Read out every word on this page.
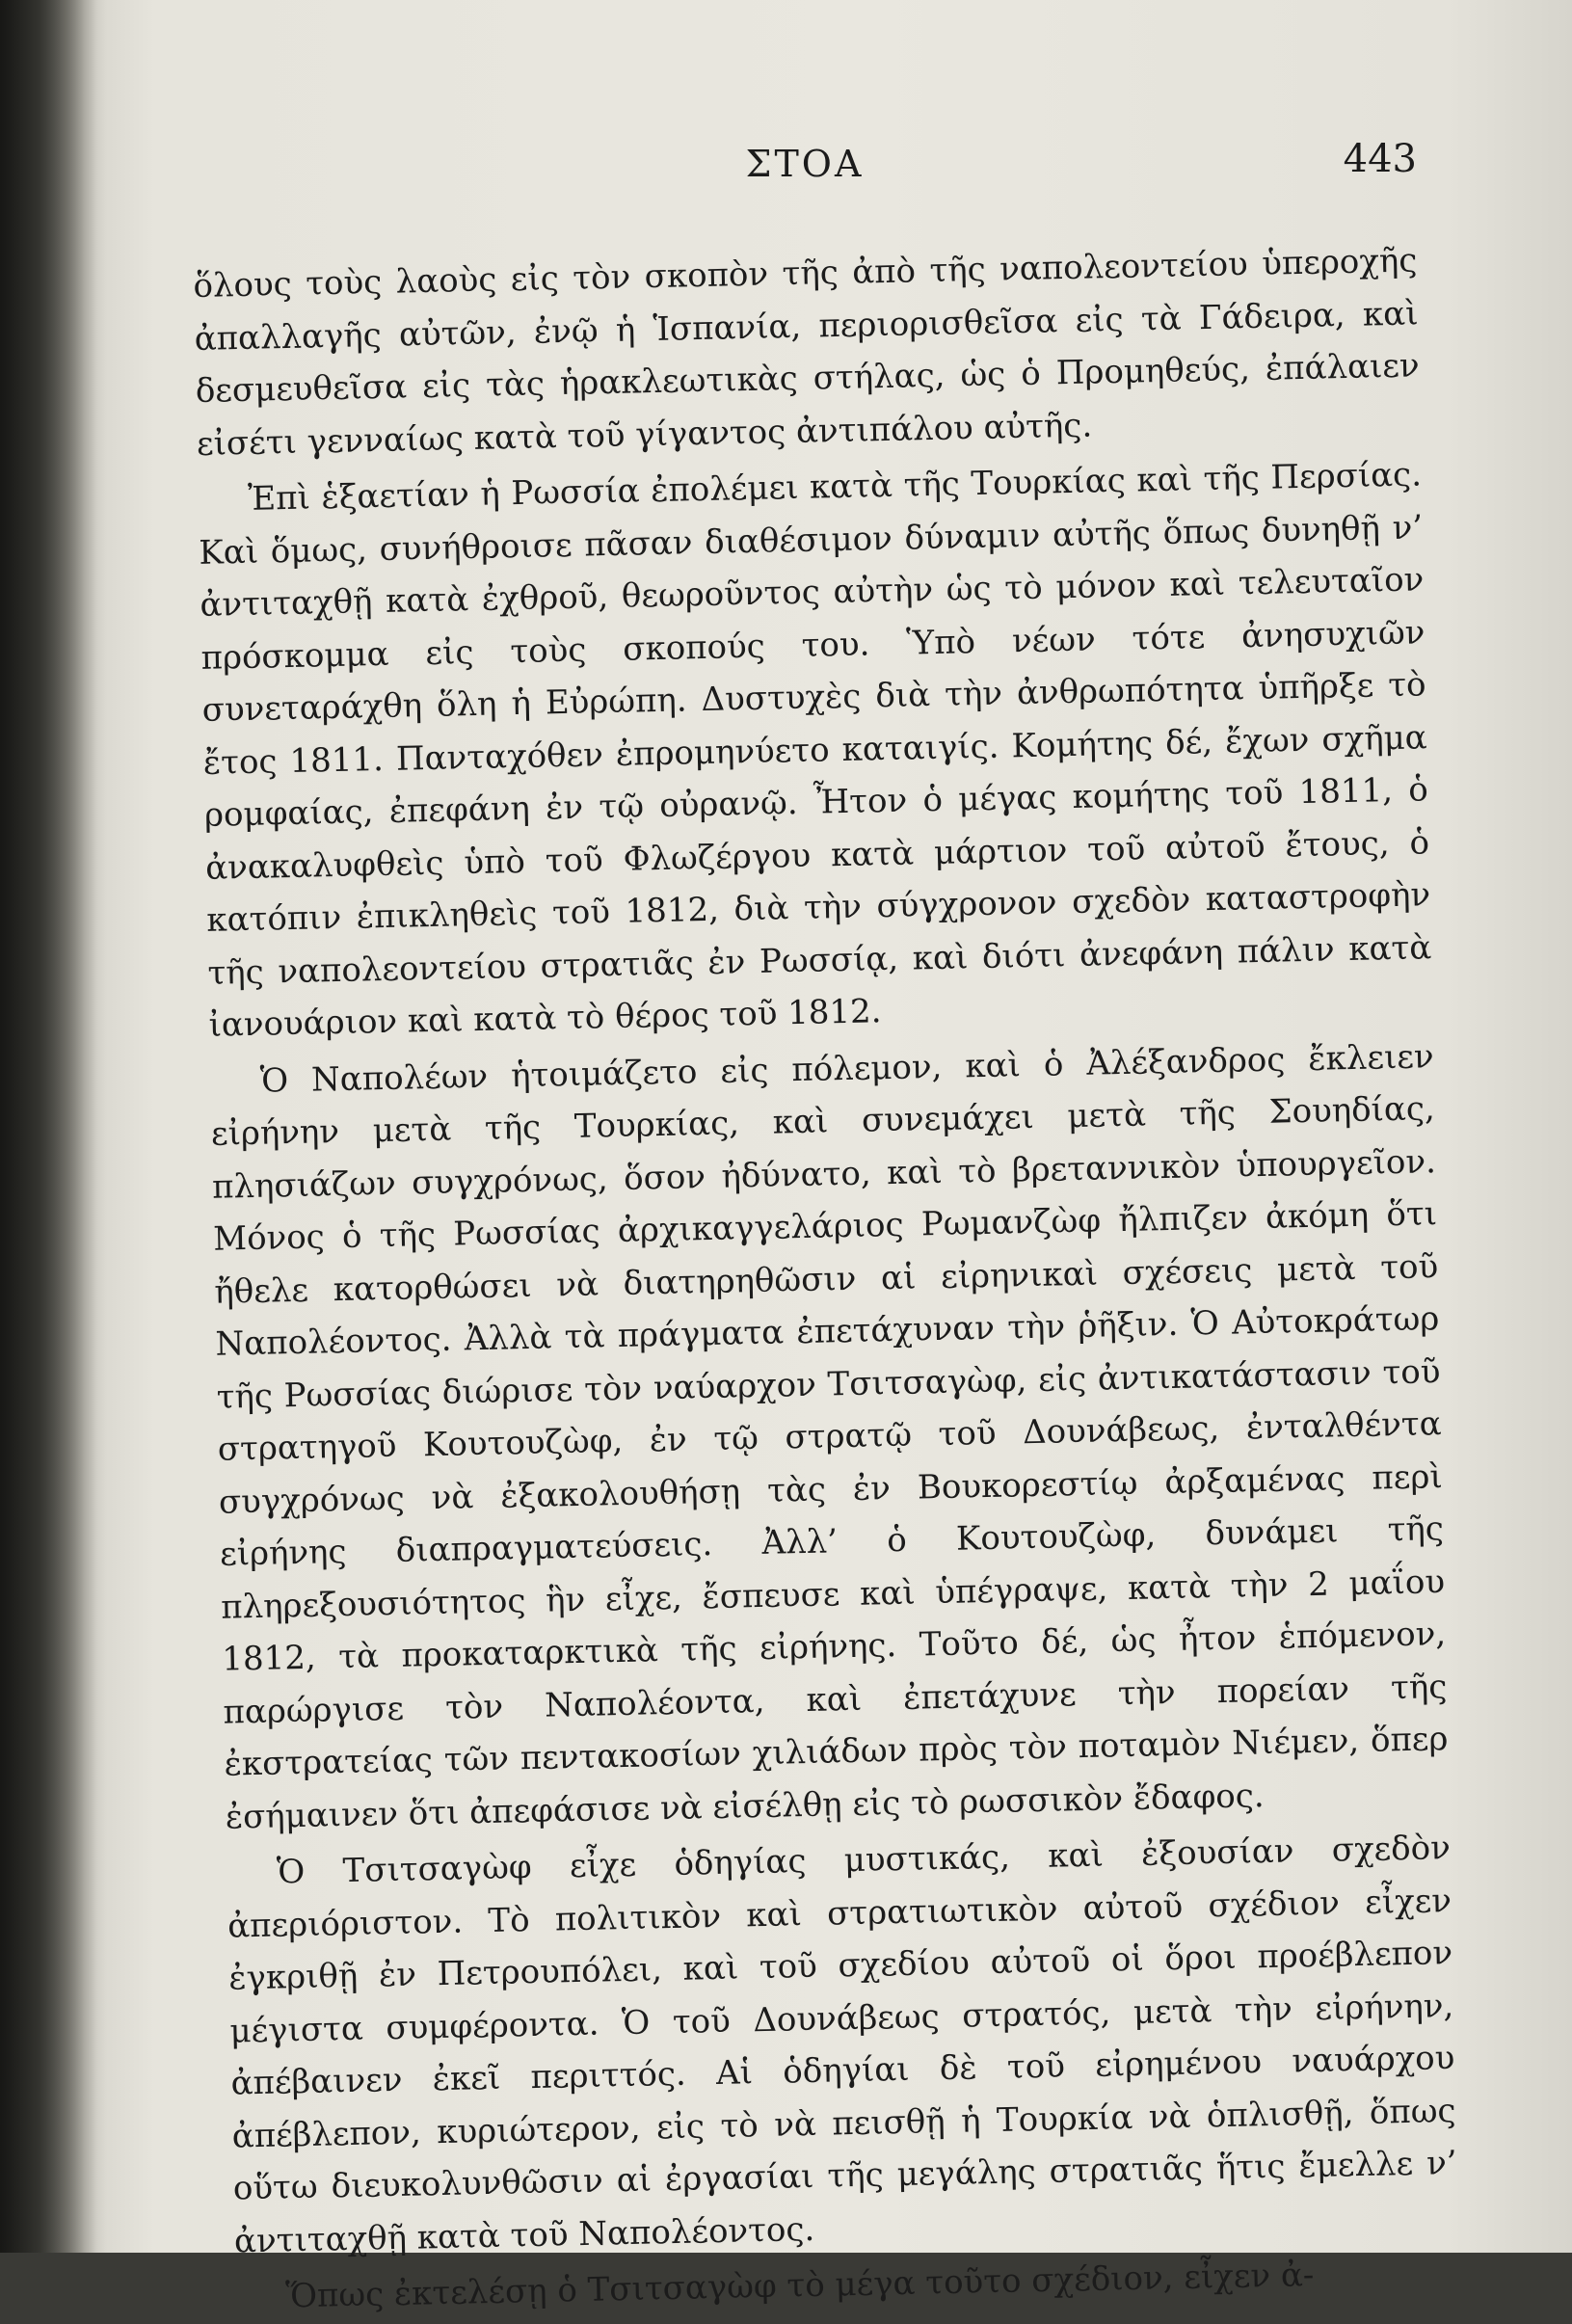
ΣΤΟΑ	443

ὅλους τοὺς λαοὺς εἰς τὸν σκοπὸν τῆς ἀπὸ τῆς ναπολεοντείου ὑπεροχῆς ἀπαλλαγῆς αὐτῶν, ἐνῷ ἡ Ἱσπανία, περιορισθεῖσα εἰς τὰ Γάδειρα, καὶ δεσμευθεῖσα εἰς τὰς ἡρακλεωτικὰς στήλας, ὡς ὁ Προμηθεύς, ἐπάλαιεν εἰσέτι γενναίως κατὰ τοῦ γίγαντος ἀντιπάλου αὐτῆς.

Ἐπὶ ἑξαετίαν ἡ Ρωσσία ἐπολέμει κατὰ τῆς Τουρκίας καὶ τῆς Περσίας. Καὶ ὅμως, συνήθροισε πᾶσαν διαθέσιμον δύναμιν αὐτῆς ὅπως δυνηθῇ ν’ ἀντιταχθῇ κατὰ ἐχθροῦ, θεωροῦντος αὐτὴν ὡς τὸ μόνον καὶ τελευταῖον πρόσκομμα εἰς τοὺς σκοπούς του. Ὑπὸ νέων τότε ἀνησυχιῶν συνεταράχθη ὅλη ἡ Εὐρώπη. Δυστυχὲς διὰ τὴν ἀνθρωπότητα ὑπῆρξε τὸ ἔτος 1811. Πανταχόθεν ἐπρομηνύετο καταιγίς. Κομήτης δέ, ἔχων σχῆμα ρομφαίας, ἐπεφάνη ἐν τῷ οὐρανῷ. Ἦτον ὁ μέγας κομήτης τοῦ 1811, ὁ ἀνακαλυφθεὶς ὑπὸ τοῦ Φλωζέργου κατὰ μάρτιον τοῦ αὐτοῦ ἔτους, ὁ κατόπιν ἐπικληθεὶς τοῦ 1812, διὰ τὴν σύγχρονον σχεδὸν καταστροφὴν τῆς ναπολεοντείου στρατιᾶς ἐν Ρωσσίᾳ, καὶ διότι ἀνεφάνη πάλιν κατὰ ἰανουάριον καὶ κατὰ τὸ θέρος τοῦ 1812.

Ὁ Ναπολέων ἡτοιμάζετο εἰς πόλεμον, καὶ ὁ Ἀλέξανδρος ἔκλειεν εἰρήνην μετὰ τῆς Τουρκίας, καὶ συνεμάχει μετὰ τῆς Σουηδίας, πλησιάζων συγχρόνως, ὅσον ἠδύνατο, καὶ τὸ βρεταννικὸν ὑπουργεῖον. Μόνος ὁ τῆς Ρωσσίας ἀρχικαγγελάριος Ρωμανζὼφ ἤλπιζεν ἀκόμη ὅτι ἤθελε κατορθώσει νὰ διατηρηθῶσιν αἱ εἰρηνικαὶ σχέσεις μετὰ τοῦ Ναπολέοντος. Ἀλλὰ τὰ πράγματα ἐπετάχυναν τὴν ῥῆξιν. Ὁ Αὐτοκράτωρ τῆς Ρωσσίας διώρισε τὸν ναύαρχον Τσιτσαγὼφ, εἰς ἀντικατάστασιν τοῦ στρατηγοῦ Κουτουζὼφ, ἐν τῷ στρατῷ τοῦ Δουνάβεως, ἐνταλθέντα συγχρόνως νὰ ἐξακολουθήσῃ τὰς ἐν Βουκορεστίῳ ἀρξαμένας περὶ εἰρήνης διαπραγματεύσεις. Ἀλλ’ ὁ Κουτουζὼφ, δυνάμει τῆς πληρεξουσιότητος ἣν εἶχε, ἔσπευσε καὶ ὑπέγραψε, κατὰ τὴν 2 μαΐου 1812, τὰ προκαταρκτικὰ τῆς εἰρήνης. Τοῦτο δέ, ὡς ἦτον ἑπόμενον, παρώργισε τὸν Ναπολέοντα, καὶ ἐπετάχυνε τὴν πορείαν τῆς ἐκστρατείας τῶν πεντακοσίων χιλιάδων πρὸς τὸν ποταμὸν Νιέμεν, ὅπερ ἐσήμαινεν ὅτι ἀπεφάσισε νὰ εἰσέλθῃ εἰς τὸ ρωσσικὸν ἔδαφος.

Ὁ Τσιτσαγὼφ εἶχε ὁδηγίας μυστικάς, καὶ ἐξουσίαν σχεδὸν ἀπεριόριστον. Τὸ πολιτικὸν καὶ στρατιωτικὸν αὐτοῦ σχέδιον εἶχεν ἐγκριθῇ ἐν Πετρουπόλει, καὶ τοῦ σχεδίου αὐτοῦ οἱ ὅροι προέβλεπον μέγιστα συμφέροντα. Ὁ τοῦ Δουνάβεως στρατός, μετὰ τὴν εἰρήνην, ἀπέβαινεν ἐκεῖ περιττός. Αἱ ὁδηγίαι δὲ τοῦ εἰρημένου ναυάρχου ἀπέβλεπον, κυριώτερον, εἰς τὸ νὰ πεισθῇ ἡ Τουρκία νὰ ὁπλισθῇ, ὅπως οὕτω διευκολυνθῶσιν αἱ ἐργασίαι τῆς μεγάλης στρατιᾶς ἥτις ἔμελλε ν’ ἀντιταχθῇ κατὰ τοῦ Ναπολέοντος.

Ὅπως ἐκτελέσῃ ὁ Τσιτσαγὼφ τὸ μέγα τοῦτο σχέδιον, εἶχεν ἀ-
